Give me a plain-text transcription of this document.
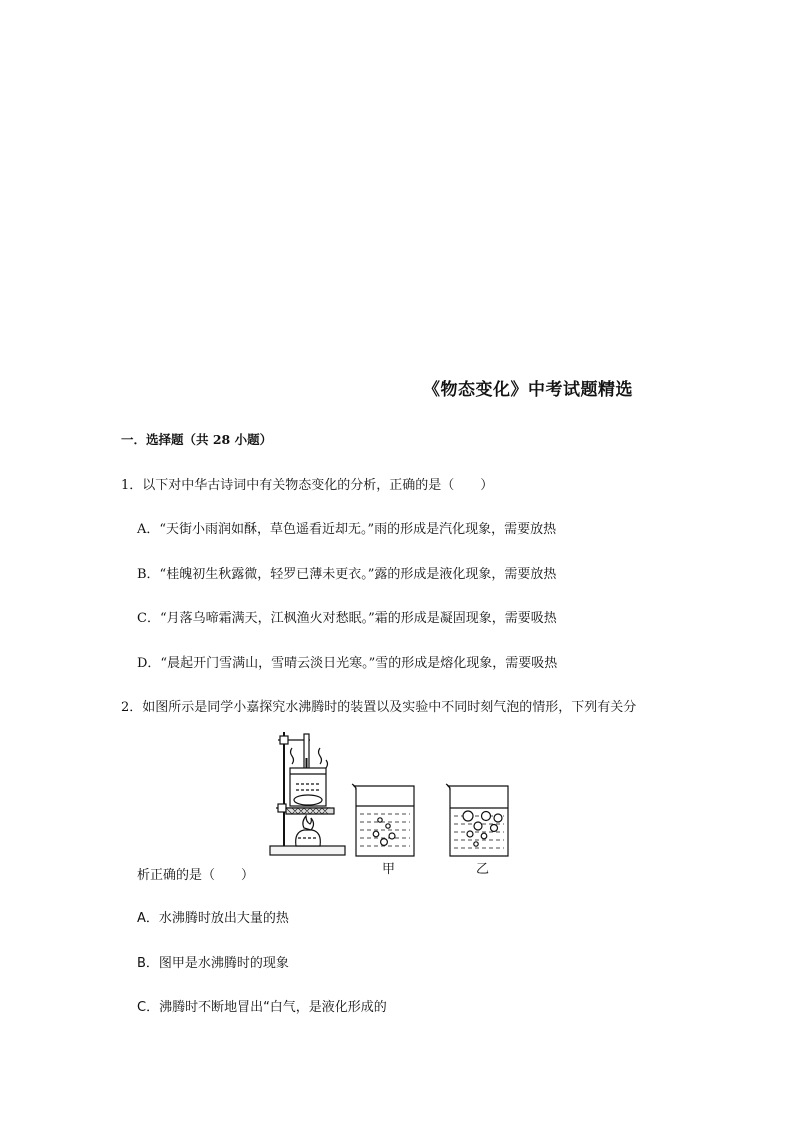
《物态变化》中考试题精选
一．选择题（共 28 小题）
1．以下对中华古诗词中有关物态变化的分析，正确的是（　　）
A．“天街小雨润如酥，草色遥看近却无。”雨的形成是汽化现象，需要放热
B．“桂魄初生秋露微，轻罗已薄未更衣。”露的形成是液化现象，需要放热
C．“月落乌啼霜满天，江枫渔火对愁眠。”霜的形成是凝固现象，需要吸热
D．“晨起开门雪满山，雪晴云淡日光寒。”雪的形成是熔化现象，需要吸热
2．如图所示是同学小嘉探究水沸腾时的装置以及实验中不同时刻气泡的情形，下列有关分
甲	乙
析正确的是（　　）
A．水沸腾时放出大量的热
B．图甲是水沸腾时的现象
C．沸腾时不断地冒出“白气，是液化形成的
